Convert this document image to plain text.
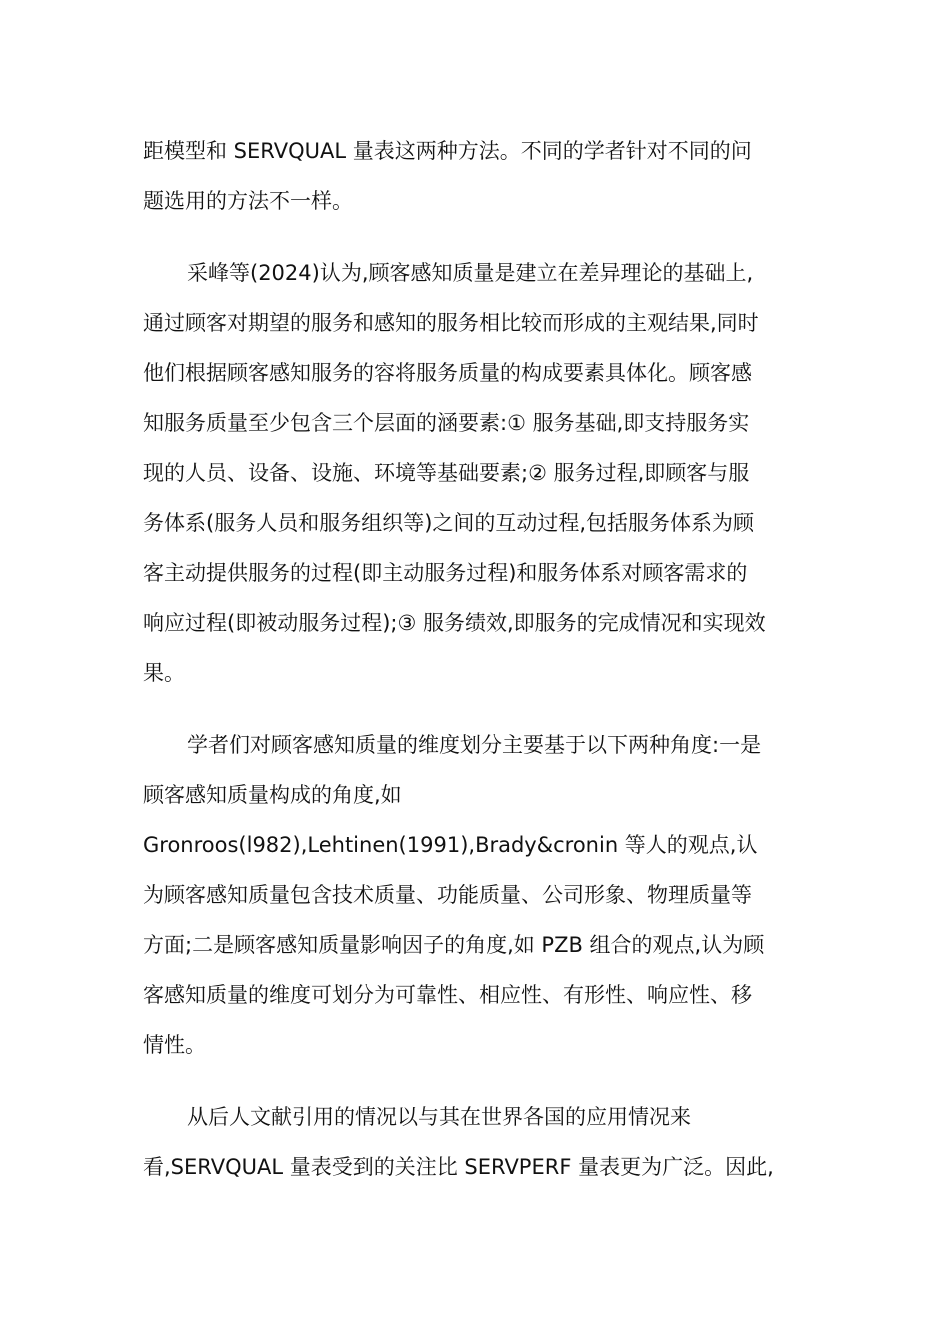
距模型和 SERVQUAL 量表这两种方法。不同的学者针对不同的问
题选用的方法不一样。
采峰等(2024)认为,顾客感知质量是建立在差异理论的基础上,
通过顾客对期望的服务和感知的服务相比较而形成的主观结果,同时
他们根据顾客感知服务的容将服务质量的构成要素具体化。顾客感
知服务质量至少包含三个层面的涵要素:① 服务基础,即支持服务实
现的人员、设备、设施、环境等基础要素;② 服务过程,即顾客与服
务体系(服务人员和服务组织等)之间的互动过程,包括服务体系为顾
客主动提供服务的过程(即主动服务过程)和服务体系对顾客需求的
响应过程(即被动服务过程);③ 服务绩效,即服务的完成情况和实现效
果。
学者们对顾客感知质量的维度划分主要基于以下两种角度:一是
顾客感知质量构成的角度,如
Gronroos(l982),Lehtinen(1991),Brady&cronin 等人的观点,认
为顾客感知质量包含技术质量、功能质量、公司形象、物理质量等
方面;二是顾客感知质量影响因子的角度,如 PZB 组合的观点,认为顾
客感知质量的维度可划分为可靠性、相应性、有形性、响应性、移
情性。
从后人文献引用的情况以与其在世界各国的应用情况来
看,SERVQUAL 量表受到的关注比 SERVPERF 量表更为广泛。因此,
